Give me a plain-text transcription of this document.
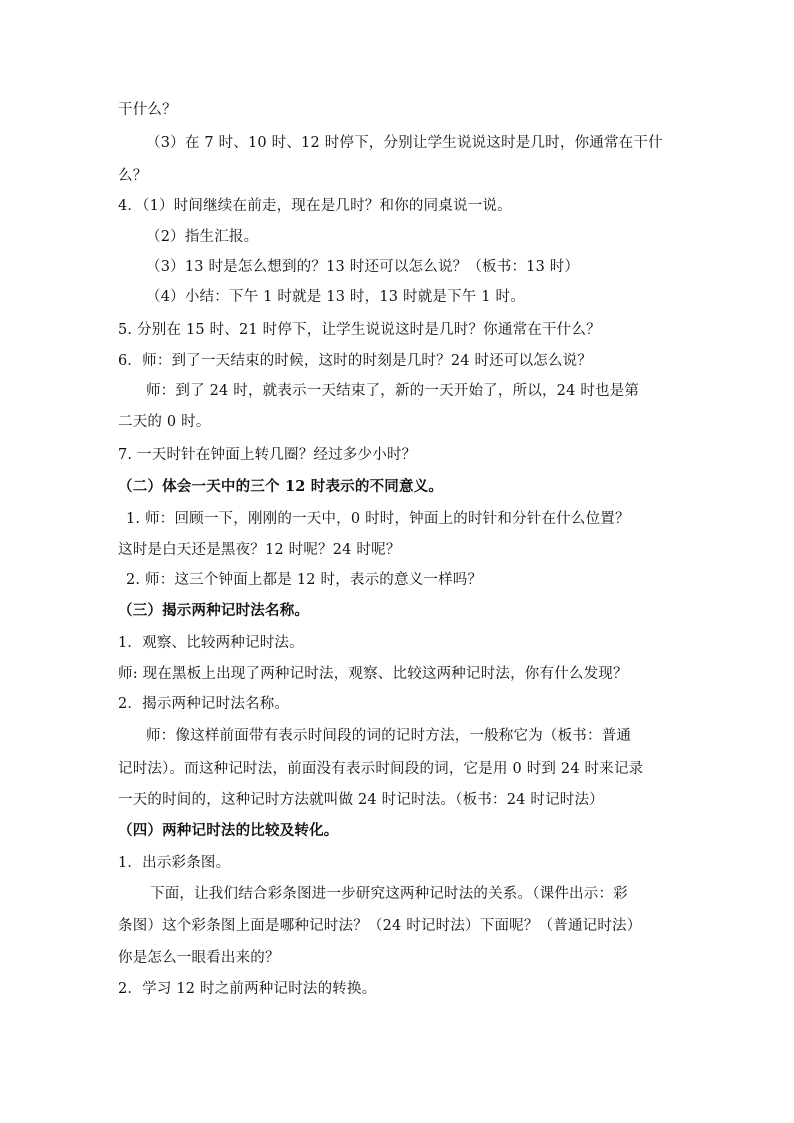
干什么？
（3）在 7 时、10 时、12 时停下，分别让学生说说这时是几时，你通常在干什
么？
4．（1）时间继续在前走，现在是几时？和你的同桌说一说。
（2）指生汇报。
（3）13 时是怎么想到的？13 时还可以怎么说？（板书：13 时）
（4）小结：下午 1 时就是 13 时，13 时就是下午 1 时。
5. 分别在 15 时、21 时停下，让学生说说这时是几时？你通常在干什么？
6．师：到了一天结束的时候，这时的时刻是几时？24 时还可以怎么说？
师：到了 24 时，就表示一天结束了，新的一天开始了，所以，24 时也是第
二天的 0 时。
7. 一天时针在钟面上转几圈？经过多少小时？
（二）体会一天中的三个 12 时表示的不同意义。
1. 师：回顾一下，刚刚的一天中，0 时时，钟面上的时针和分针在什么位置？
这时是白天还是黑夜？12 时呢？24 时呢？
2. 师：这三个钟面上都是 12 时，表示的意义一样吗？
（三）揭示两种记时法名称。
1．观察、比较两种记时法。
师: 现在黑板上出现了两种记时法，观察、比较这两种记时法，你有什么发现？
2．揭示两种记时法名称。
师：像这样前面带有表示时间段的词的记时方法，一般称它为（板书：普通
记时法）。而这种记时法，前面没有表示时间段的词，它是用 0 时到 24 时来记录
一天的时间的，这种记时方法就叫做 24 时记时法。（板书：24 时记时法）
（四）两种记时法的比较及转化。
1．出示彩条图。
下面，让我们结合彩条图进一步研究这两种记时法的关系。（课件出示：彩
条图）这个彩条图上面是哪种记时法？（24 时记时法）下面呢？（普通记时法）
你是怎么一眼看出来的？
2．学习 12 时之前两种记时法的转换。
